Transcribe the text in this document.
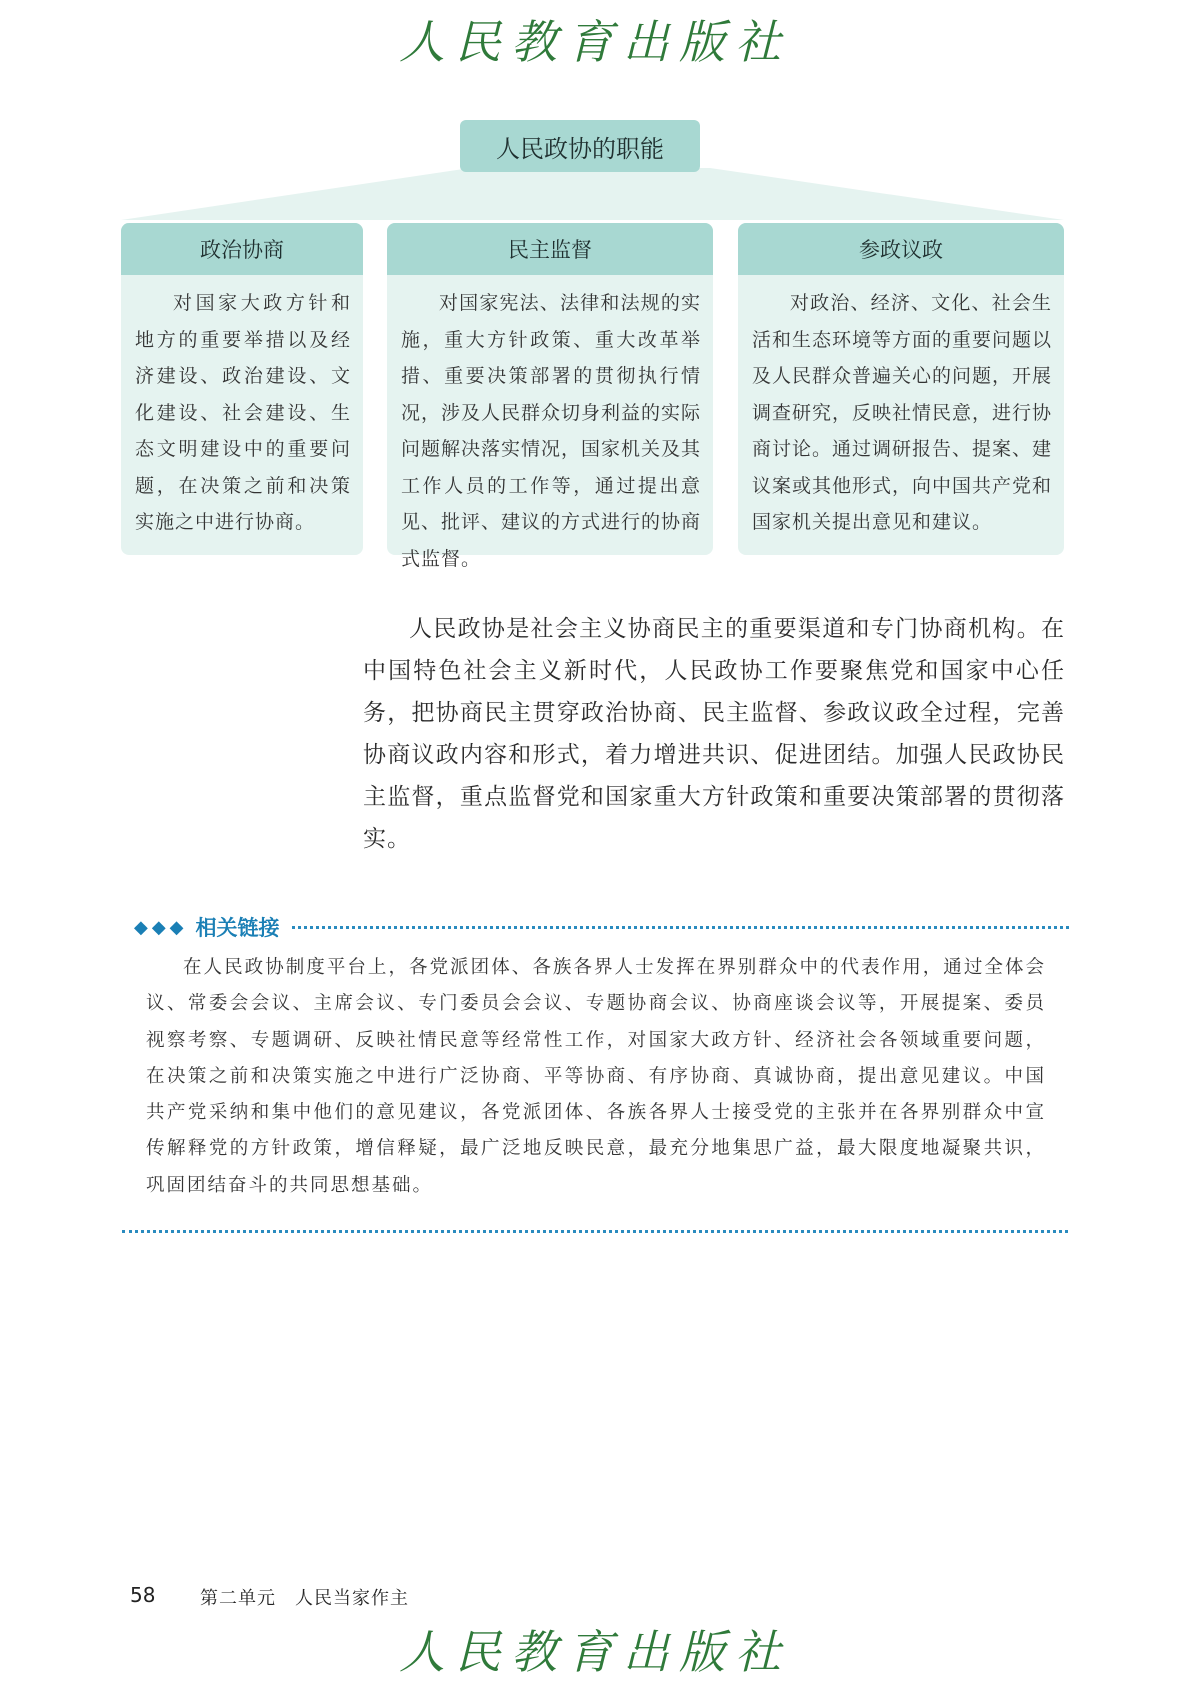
人民教育出版社
人民政协的职能
政治协商
对国家大政方针和地方的重要举措以及经济建设、政治建设、文化建设、社会建设、生态文明建设中的重要问题，在决策之前和决策实施之中进行协商。
民主监督
对国家宪法、法律和法规的实施，重大方针政策、重大改革举措、重要决策部署的贯彻执行情况，涉及人民群众切身利益的实际问题解决落实情况，国家机关及其工作人员的工作等，通过提出意见、批评、建议的方式进行的协商式监督。
参政议政
对政治、经济、文化、社会生活和生态环境等方面的重要问题以及人民群众普遍关心的问题，开展调查研究，反映社情民意，进行协商讨论。通过调研报告、提案、建议案或其他形式，向中国共产党和国家机关提出意见和建议。
人民政协是社会主义协商民主的重要渠道和专门协商机构。在中国特色社会主义新时代，人民政协工作要聚焦党和国家中心任务，把协商民主贯穿政治协商、民主监督、参政议政全过程，完善协商议政内容和形式，着力增进共识、促进团结。加强人民政协民主监督，重点监督党和国家重大方针政策和重要决策部署的贯彻落实。
◆◆◆ 相关链接
在人民政协制度平台上，各党派团体、各族各界人士发挥在界别群众中的代表作用，通过全体会议、常委会会议、主席会议、专门委员会会议、专题协商会议、协商座谈会议等，开展提案、委员视察考察、专题调研、反映社情民意等经常性工作，对国家大政方针、经济社会各领域重要问题，在决策之前和决策实施之中进行广泛协商、平等协商、有序协商、真诚协商，提出意见建议。中国共产党采纳和集中他们的意见建议，各党派团体、各族各界人士接受党的主张并在各界别群众中宣传解释党的方针政策，增信释疑，最广泛地反映民意，最充分地集思广益，最大限度地凝聚共识，巩固团结奋斗的共同思想基础。
58 第二单元　人民当家作主
人民教育出版社
